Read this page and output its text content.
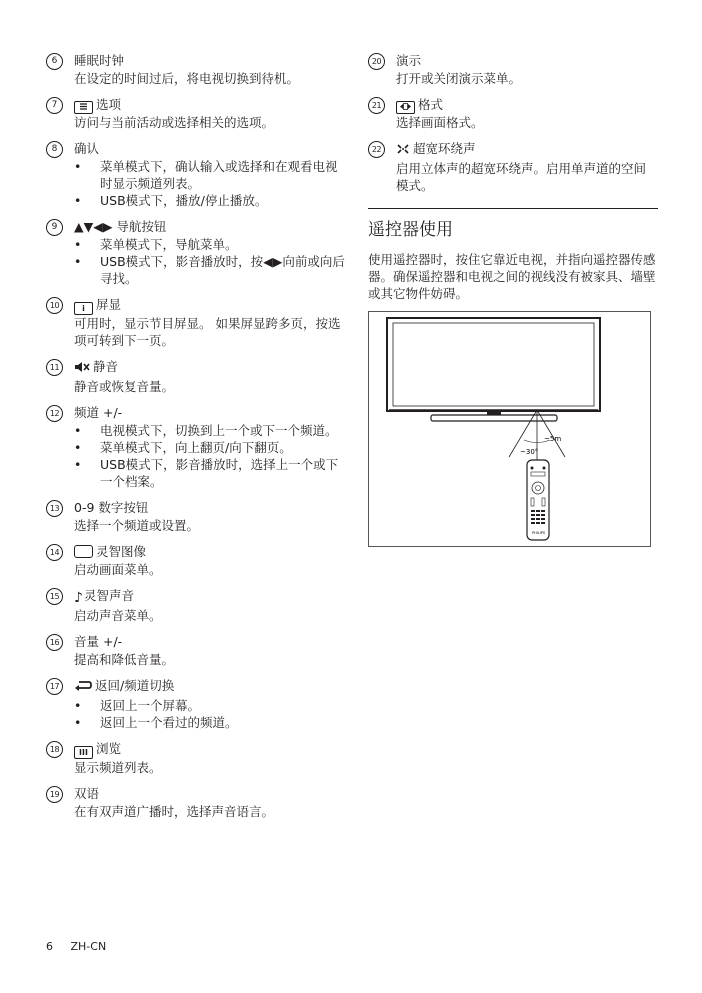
6	睡眠时钟
在设定的时间过后，将电视切换到待机。
7	选项
访问与当前活动或选择相关的选项。
8	确认
• 菜单模式下，确认输入或选择和在观看电视时显示频道列表。
• USB模式下，播放/停止播放。
9	▲▼◀▶ 导航按钮
• 菜单模式下，导航菜单。
• USB模式下，影音播放时，按◀▶向前或向后寻找。
10	i 屏显
可用时，显示节目屏显。 如果屏显跨多页，按选项可转到下一页。
11	静音
静音或恢复音量。
12	频道 +/-
• 电视模式下，切换到上一个或下一个频道。
• 菜单模式下，向上翻页/向下翻页。
• USB模式下，影音播放时，选择上一个或下一个档案。
13	0-9 数字按钮
选择一个频道或设置。
14	灵智图像
启动画面菜单。
15 ♪灵智声音
启动声音菜单。
16	音量 +/-
提高和降低音量。
17	返回/频道切换
• 返回上一个屏幕。
• 返回上一个看过的频道。
18	III 浏览
显示频道列表。
19	双语
在有双声道广播时，选择声音语言。
20	演示
打开或关闭演示菜单。
21	格式
选择画面格式。
22	超宽环绕声
启用立体声的超宽环绕声。启用单声道的空间模式。
遥控器使用
使用遥控器时，按住它靠近电视，并指向遥控器传感器。确保遥控器和电视之间的视线没有被家具、墙壁或其它物件妨碍。
~5m
~30°
PHILIPS
6 ZH-CN
